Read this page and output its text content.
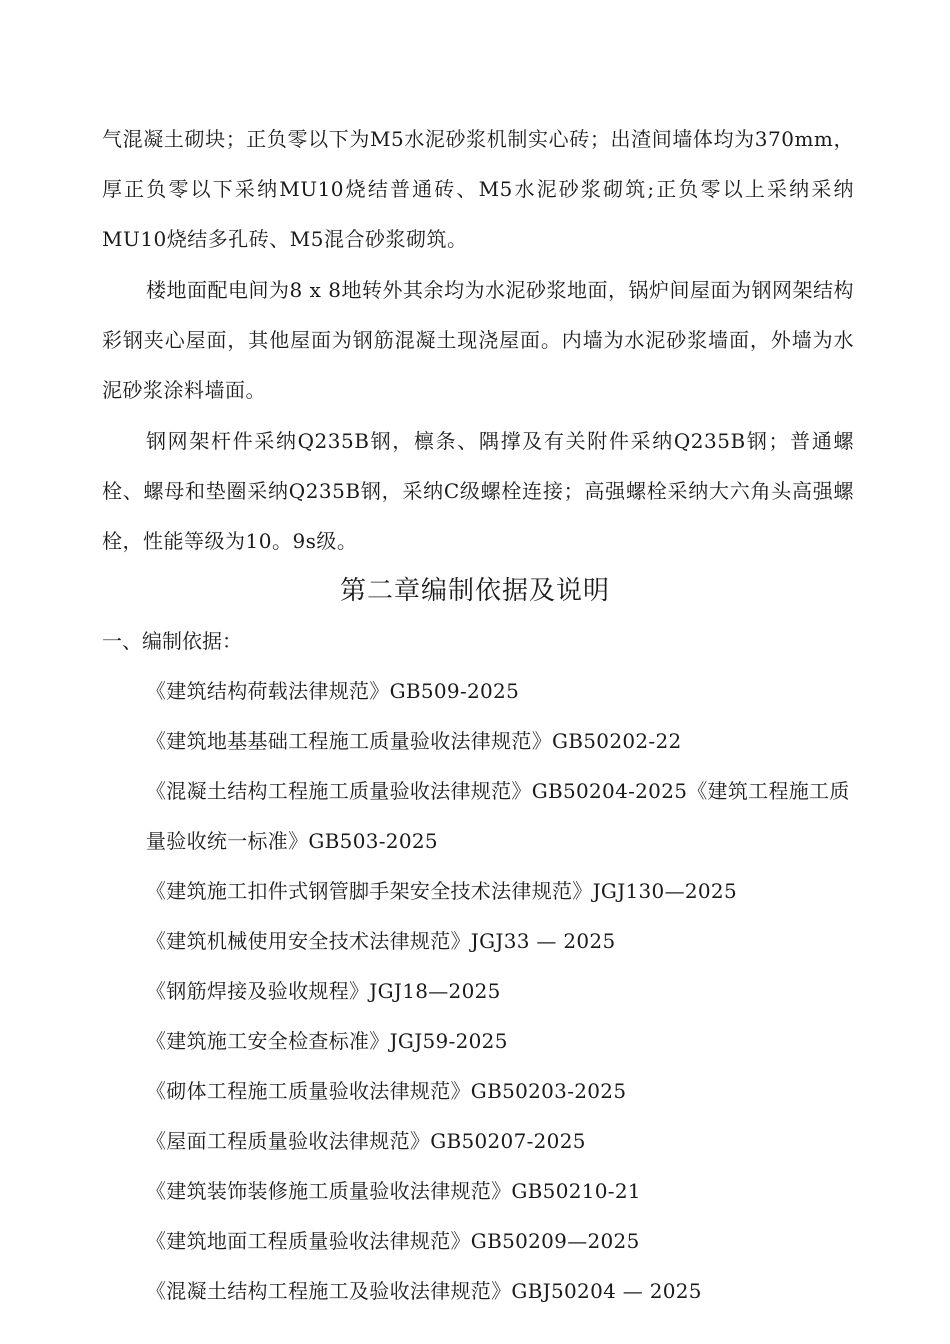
气混凝土砌块；正负零以下为M5水泥砂浆机制实心砖；出渣间墙体均为370mm，厚正负零以下采纳MU10烧结普通砖、M5水泥砂浆砌筑;正负零以上采纳采纳MU10烧结多孔砖、M5混合砂浆砌筑。

楼地面配电间为8 x 8地转外其余均为水泥砂浆地面，锅炉间屋面为钢网架结构彩钢夹心屋面，其他屋面为钢筋混凝土现浇屋面。内墙为水泥砂浆墙面，外墙为水泥砂浆涂料墙面。

钢网架杆件采纳Q235B钢，檩条、隅撑及有关附件采纳Q235B钢；普通螺栓、螺母和垫圈采纳Q235B钢，采纳C级螺栓连接；高强螺栓采纳大六角头高强螺栓，性能等级为10。9s级。

第二章编制依据及说明
一、编制依据：
《建筑结构荷载法律规范》GB509-2025
《建筑地基基础工程施工质量验收法律规范》GB50202-22
《混凝土结构工程施工质量验收法律规范》GB50204-2025《建筑工程施工质量验收统一标准》GB503-2025
《建筑施工扣件式钢管脚手架安全技术法律规范》JGJ130—2025
《建筑机械使用安全技术法律规范》JGJ33 — 2025
《钢筋焊接及验收规程》JGJ18—2025
《建筑施工安全检查标准》JGJ59-2025
《砌体工程施工质量验收法律规范》GB50203-2025
《屋面工程质量验收法律规范》GB50207-2025
《建筑装饰装修施工质量验收法律规范》GB50210-21
《建筑地面工程质量验收法律规范》GB50209—2025
《混凝土结构工程施工及验收法律规范》GBJ50204 — 2025
